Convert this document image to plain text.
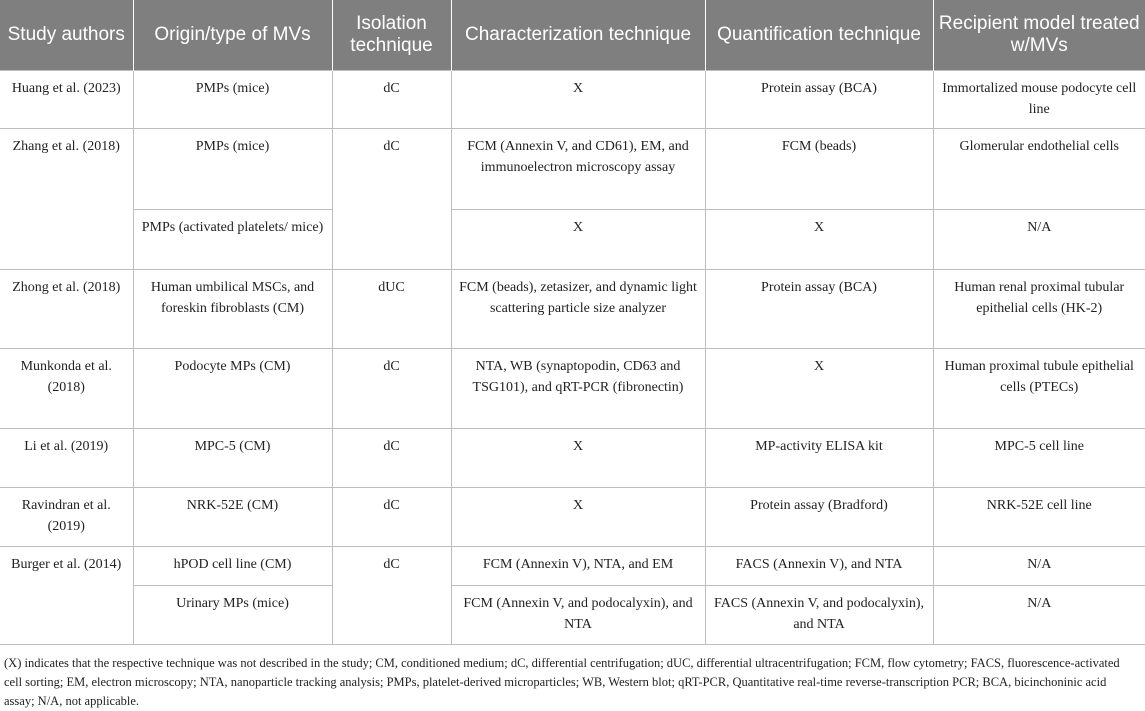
Study authors	Origin/type of MVs	Isolation technique	Characterization technique	Quantification technique	Recipient model treated w/MVs
Huang et al. (2023)	PMPs (mice)	dC	X	Protein assay (BCA)	Immortalized mouse podocyte cell line
Zhang et al. (2018)	PMPs (mice)	dC	FCM (Annexin V, and CD61), EM, and immunoelectron microscopy assay	FCM (beads)	Glomerular endothelial cells
	PMPs (activated platelets/ mice)		X	X	N/A
Zhong et al. (2018)	Human umbilical MSCs, and foreskin fibroblasts (CM)	dUC	FCM (beads), zetasizer, and dynamic light scattering particle size analyzer	Protein assay (BCA)	Human renal proximal tubular epithelial cells (HK-2)
Munkonda et al. (2018)	Podocyte MPs (CM)	dC	NTA, WB (synaptopodin, CD63 and TSG101), and qRT-PCR (fibronectin)	X	Human proximal tubule epithelial cells (PTECs)
Li et al. (2019)	MPC-5 (CM)	dC	X	MP-activity ELISA kit	MPC-5 cell line
Ravindran et al. (2019)	NRK-52E (CM)	dC	X	Protein assay (Bradford)	NRK-52E cell line
Burger et al. (2014)	hPOD cell line (CM)	dC	FCM (Annexin V), NTA, and EM	FACS (Annexin V), and NTA	N/A
	Urinary MPs (mice)		FCM (Annexin V, and podocalyxin), and NTA	FACS (Annexin V, and podocalyxin), and NTA	N/A
(X) indicates that the respective technique was not described in the study; CM, conditioned medium; dC, differential centrifugation; dUC, differential ultracentrifugation; FCM, flow cytometry; FACS, fluorescence-activated cell sorting; EM, electron microscopy; NTA, nanoparticle tracking analysis; PMPs, platelet-derived microparticles; WB, Western blot; qRT-PCR, Quantitative real-time reverse-transcription PCR; BCA, bicinchoninic acid assay; N/A, not applicable.
